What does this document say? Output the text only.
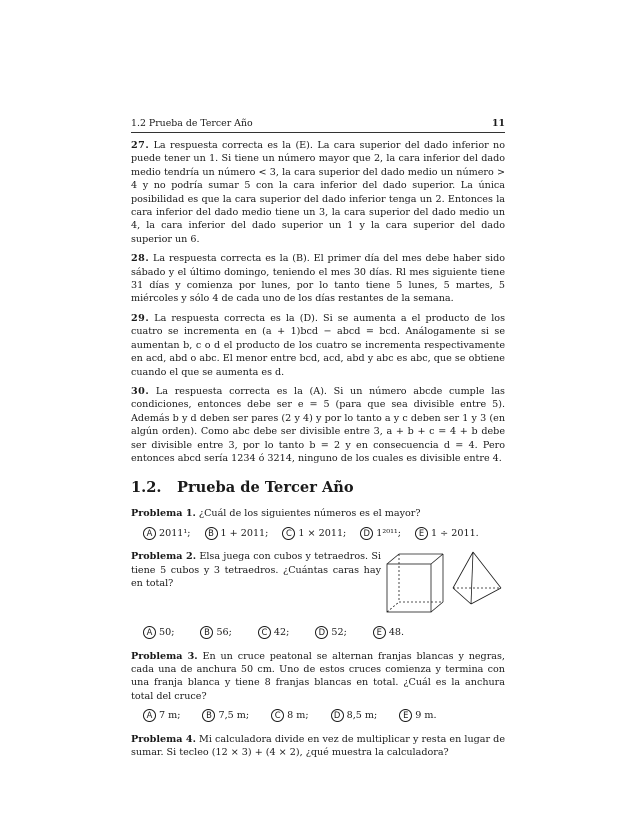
1.2 Prueba de Tercer Año	11

27. La respuesta correcta es la (E). La cara superior del dado inferior no puede tener un 1. Si tiene un número mayor que 2, la cara inferior del dado medio tendría un número < 3, la cara superior del dado medio un número > 4 y no podría sumar 5 con la cara inferior del dado superior. La única posibilidad es que la cara superior del dado inferior tenga un 2. Entonces la cara inferior del dado medio tiene un 3, la cara superior del dado medio un 4, la cara inferior del dado superior un 1 y la cara superior del dado superior un 6.

28. La respuesta correcta es la (B). El primer día del mes debe haber sido sábado y el último domingo, teniendo el mes 30 días. Rl mes siguiente tiene 31 días y comienza por lunes, por lo tanto tiene 5 lunes, 5 martes, 5 miércoles y sólo 4 de cada uno de los días restantes de la semana.

29. La respuesta correcta es la (D). Si se aumenta a el producto de los cuatro se incrementa en (a + 1)bcd − abcd = bcd. Análogamente si se aumentan b, c o d el producto de los cuatro se incrementa respectivamente en acd, abd o abc. El menor entre bcd, acd, abd y abc es abc, que se obtiene cuando el que se aumenta es d.

30. La respuesta correcta es la (A). Si un número abcde cumple las condiciones, entonces debe ser e = 5 (para que sea divisible entre 5). Además b y d deben ser pares (2 y 4) y por lo tanto a y c deben ser 1 y 3 (en algún orden). Como abc debe ser divisible entre 3, a + b + c = 4 + b debe ser divisible entre 3, por lo tanto b = 2 y en consecuencia d = 4. Pero entonces abcd sería 1234 ó 3214, ninguno de los cuales es divisible entre 4.

1.2. Prueba de Tercer Año

Problema 1. ¿Cuál de los siguientes números es el mayor?

A 2011¹;	B 1 + 2011;	C 1 × 2011;	D 1²⁰¹¹;	E 1 ÷ 2011.

Problema 2. Elsa juega con cubos y tetraedros. Si tiene 5 cubos y 3 tetraedros. ¿Cuántas caras hay en total?

A 50;	B 56;	C 42;	D 52;	E 48.

Problema 3. En un cruce peatonal se alternan franjas blancas y negras, cada una de anchura 50 cm. Uno de estos cruces comienza y termina con una franja blanca y tiene 8 franjas blancas en total. ¿Cuál es la anchura total del cruce?

A 7 m;	B 7,5 m;	C 8 m;	D 8,5 m;	E 9 m.

Problema 4. Mi calculadora divide en vez de multiplicar y resta en lugar de sumar. Si tecleo (12 × 3) + (4 × 2), ¿qué muestra la calculadora?
